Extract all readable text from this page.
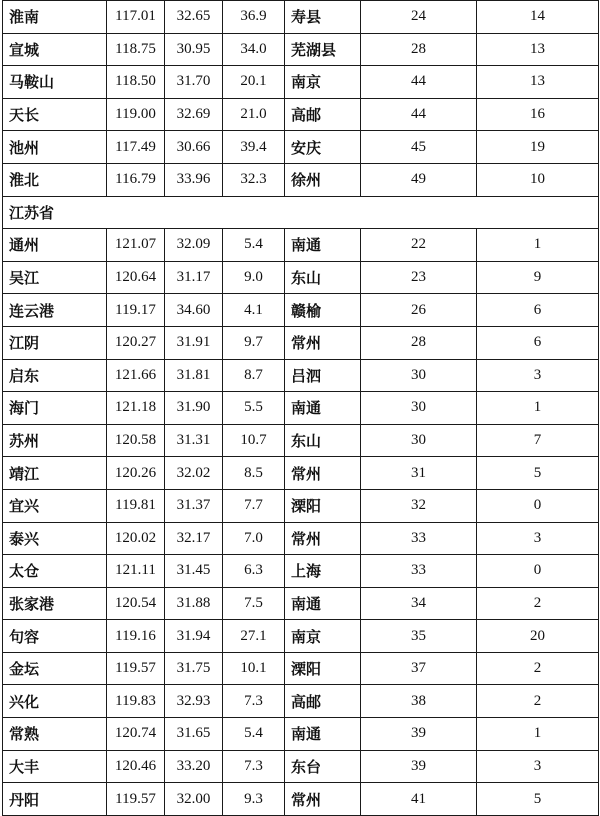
淮南	117.01	32.65	36.9	寿县	24	14
宣城	118.75	30.95	34.0	芜湖县	28	13
马鞍山	118.50	31.70	20.1	南京	44	13
天长	119.00	32.69	21.0	高邮	44	16
池州	117.49	30.66	39.4	安庆	45	19
淮北	116.79	33.96	32.3	徐州	49	10
江苏省						
通州	121.07	32.09	5.4	南通	22	1
吴江	120.64	31.17	9.0	东山	23	9
连云港	119.17	34.60	4.1	赣榆	26	6
江阴	120.27	31.91	9.7	常州	28	6
启东	121.66	31.81	8.7	吕泗	30	3
海门	121.18	31.90	5.5	南通	30	1
苏州	120.58	31.31	10.7	东山	30	7
靖江	120.26	32.02	8.5	常州	31	5
宜兴	119.81	31.37	7.7	溧阳	32	0
泰兴	120.02	32.17	7.0	常州	33	3
太仓	121.11	31.45	6.3	上海	33	0
张家港	120.54	31.88	7.5	南通	34	2
句容	119.16	31.94	27.1	南京	35	20
金坛	119.57	31.75	10.1	溧阳	37	2
兴化	119.83	32.93	7.3	高邮	38	2
常熟	120.74	31.65	5.4	南通	39	1
大丰	120.46	33.20	7.3	东台	39	3
丹阳	119.57	32.00	9.3	常州	41	5
